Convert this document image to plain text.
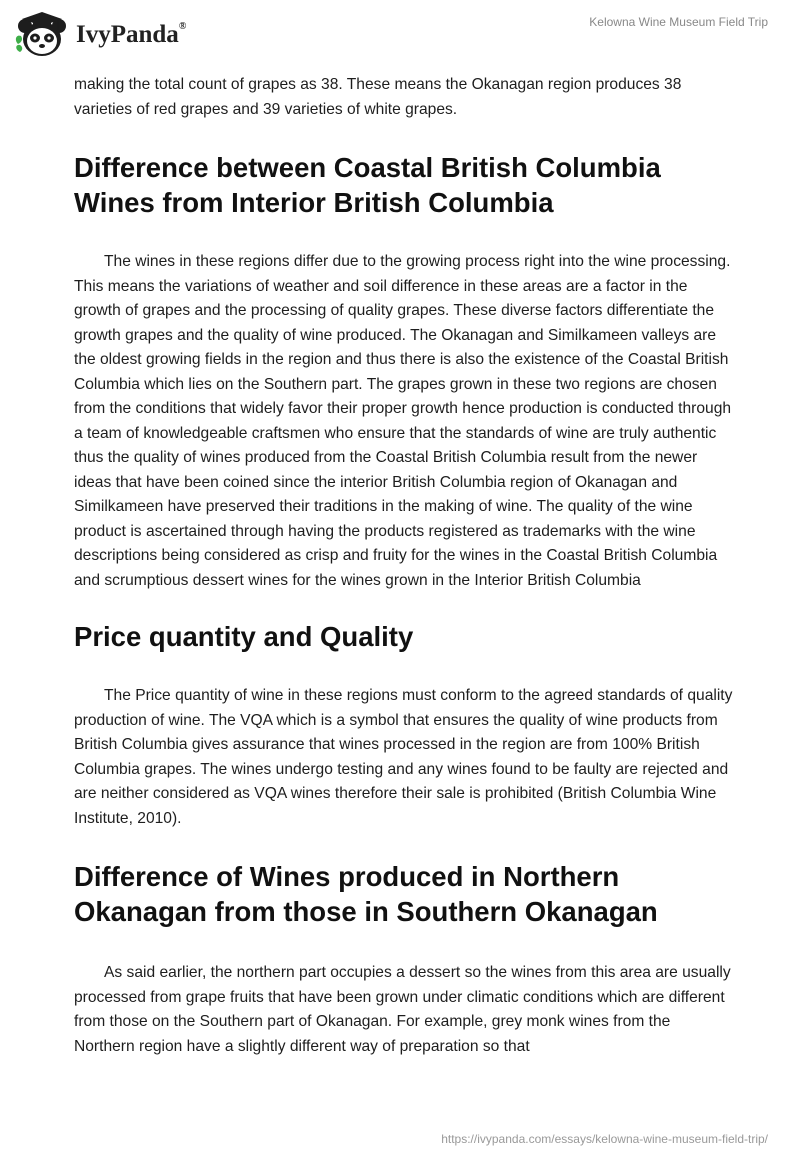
IvyPanda®	Kelowna Wine Museum Field Trip

making the total count of grapes as 38. These means the Okanagan region produces 38 varieties of red grapes and 39 varieties of white grapes.

Difference between Coastal British Columbia Wines from Interior British Columbia

The wines in these regions differ due to the growing process right into the wine processing. This means the variations of weather and soil difference in these areas are a factor in the growth of grapes and the processing of quality grapes. These diverse factors differentiate the growth grapes and the quality of wine produced. The Okanagan and Similkameen valleys are the oldest growing fields in the region and thus there is also the existence of the Coastal British Columbia which lies on the Southern part. The grapes grown in these two regions are chosen from the conditions that widely favor their proper growth hence production is conducted through a team of knowledgeable craftsmen who ensure that the standards of wine are truly authentic thus the quality of wines produced from the Coastal British Columbia result from the newer ideas that have been coined since the interior British Columbia region of Okanagan and Similkameen have preserved their traditions in the making of wine. The quality of the wine product is ascertained through having the products registered as trademarks with the wine descriptions being considered as crisp and fruity for the wines in the Coastal British Columbia and scrumptious dessert wines for the wines grown in the Interior British Columbia

Price quantity and Quality

The Price quantity of wine in these regions must conform to the agreed standards of quality production of wine. The VQA which is a symbol that ensures the quality of wine products from British Columbia gives assurance that wines processed in the region are from 100% British Columbia grapes. The wines undergo testing and any wines found to be faulty are rejected and are neither considered as VQA wines therefore their sale is prohibited (British Columbia Wine Institute, 2010).

Difference of Wines produced in Northern Okanagan from those in Southern Okanagan

As said earlier, the northern part occupies a dessert so the wines from this area are usually processed from grape fruits that have been grown under climatic conditions which are different from those on the Southern part of Okanagan. For example, grey monk wines from the Northern region have a slightly different way of preparation so that

https://ivypanda.com/essays/kelowna-wine-museum-field-trip/
